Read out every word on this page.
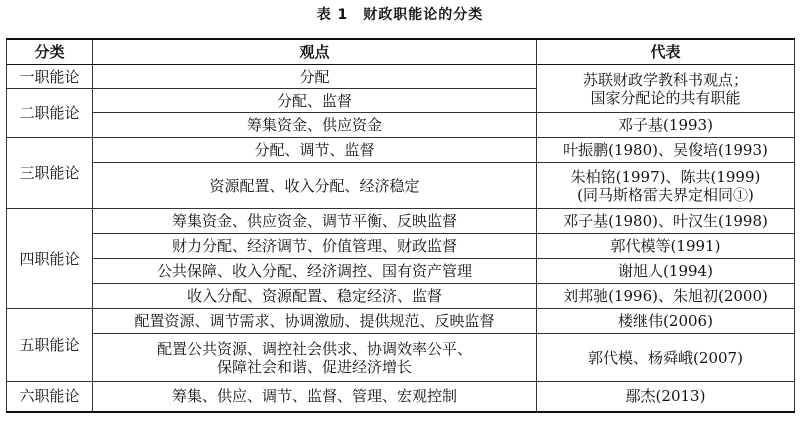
表 1　财政职能论的分类
分类	观点	代表
一职能论	分配	苏联财政学教科书观点；
国家分配论的共有职能
二职能论	分配、监督	
	筹集资金、供应资金	邓子基(1993)
三职能论	分配、调节、监督	叶振鹏(1980)、吴俊培(1993)
	资源配置、收入分配、经济稳定	朱柏铭(1997)、陈共(1999)
(同马斯格雷夫界定相同①)
四职能论	筹集资金、供应资金、调节平衡、反映监督	邓子基(1980)、叶汉生(1998)
	财力分配、经济调节、价值管理、财政监督	郭代模等(1991)
	公共保障、收入分配、经济调控、国有资产管理	谢旭人(1994)
	收入分配、资源配置、稳定经济、监督	刘邦驰(1996)、朱旭初(2000)
五职能论	配置资源、调节需求、协调激励、提供规范、反映监督	楼继伟(2006)
	配置公共资源、调控社会供求、协调效率公平、
保障社会和谐、促进经济增长	郭代模、杨舜峨(2007)
六职能论	筹集、供应、调节、监督、管理、宏观控制	鄢杰(2013)
